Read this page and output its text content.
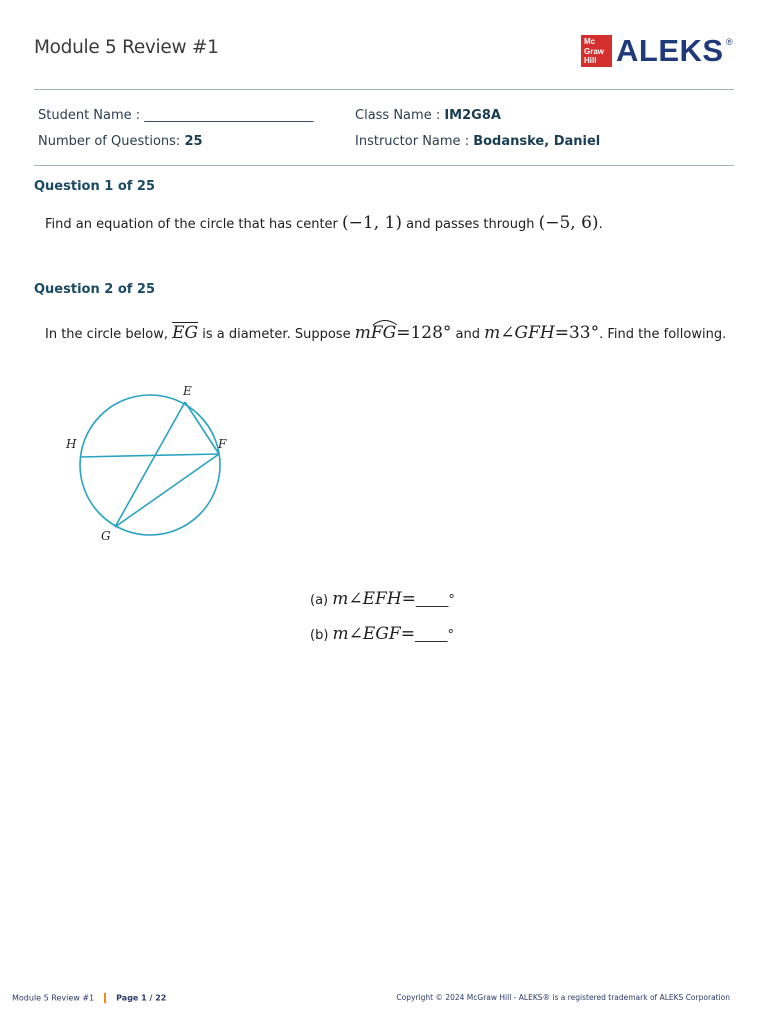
Module 5 Review #1	Mc
Graw
Hill ALEKS ®
Student Name : __________________________	Class Name : IM2G8A
Number of Questions: 25	Instructor Name : Bodanske, Daniel
Question 1 of 25
Find an equation of the circle that has center (−1, 1) and passes through (−5, 6).
Question 2 of 25
In the circle below, $\overline{EG}$ is a diameter. Suppose m
FG=128° and m∠GFH=33°. Find the following.
E
F
G
H
(a) m∠EFH=_____°
(b) m∠EGF=_____°
Module 5 Review #1	Page 1 / 22	Copyright © 2024 McGraw Hill - ALEKS® is a registered trademark of ALEKS Corporation
